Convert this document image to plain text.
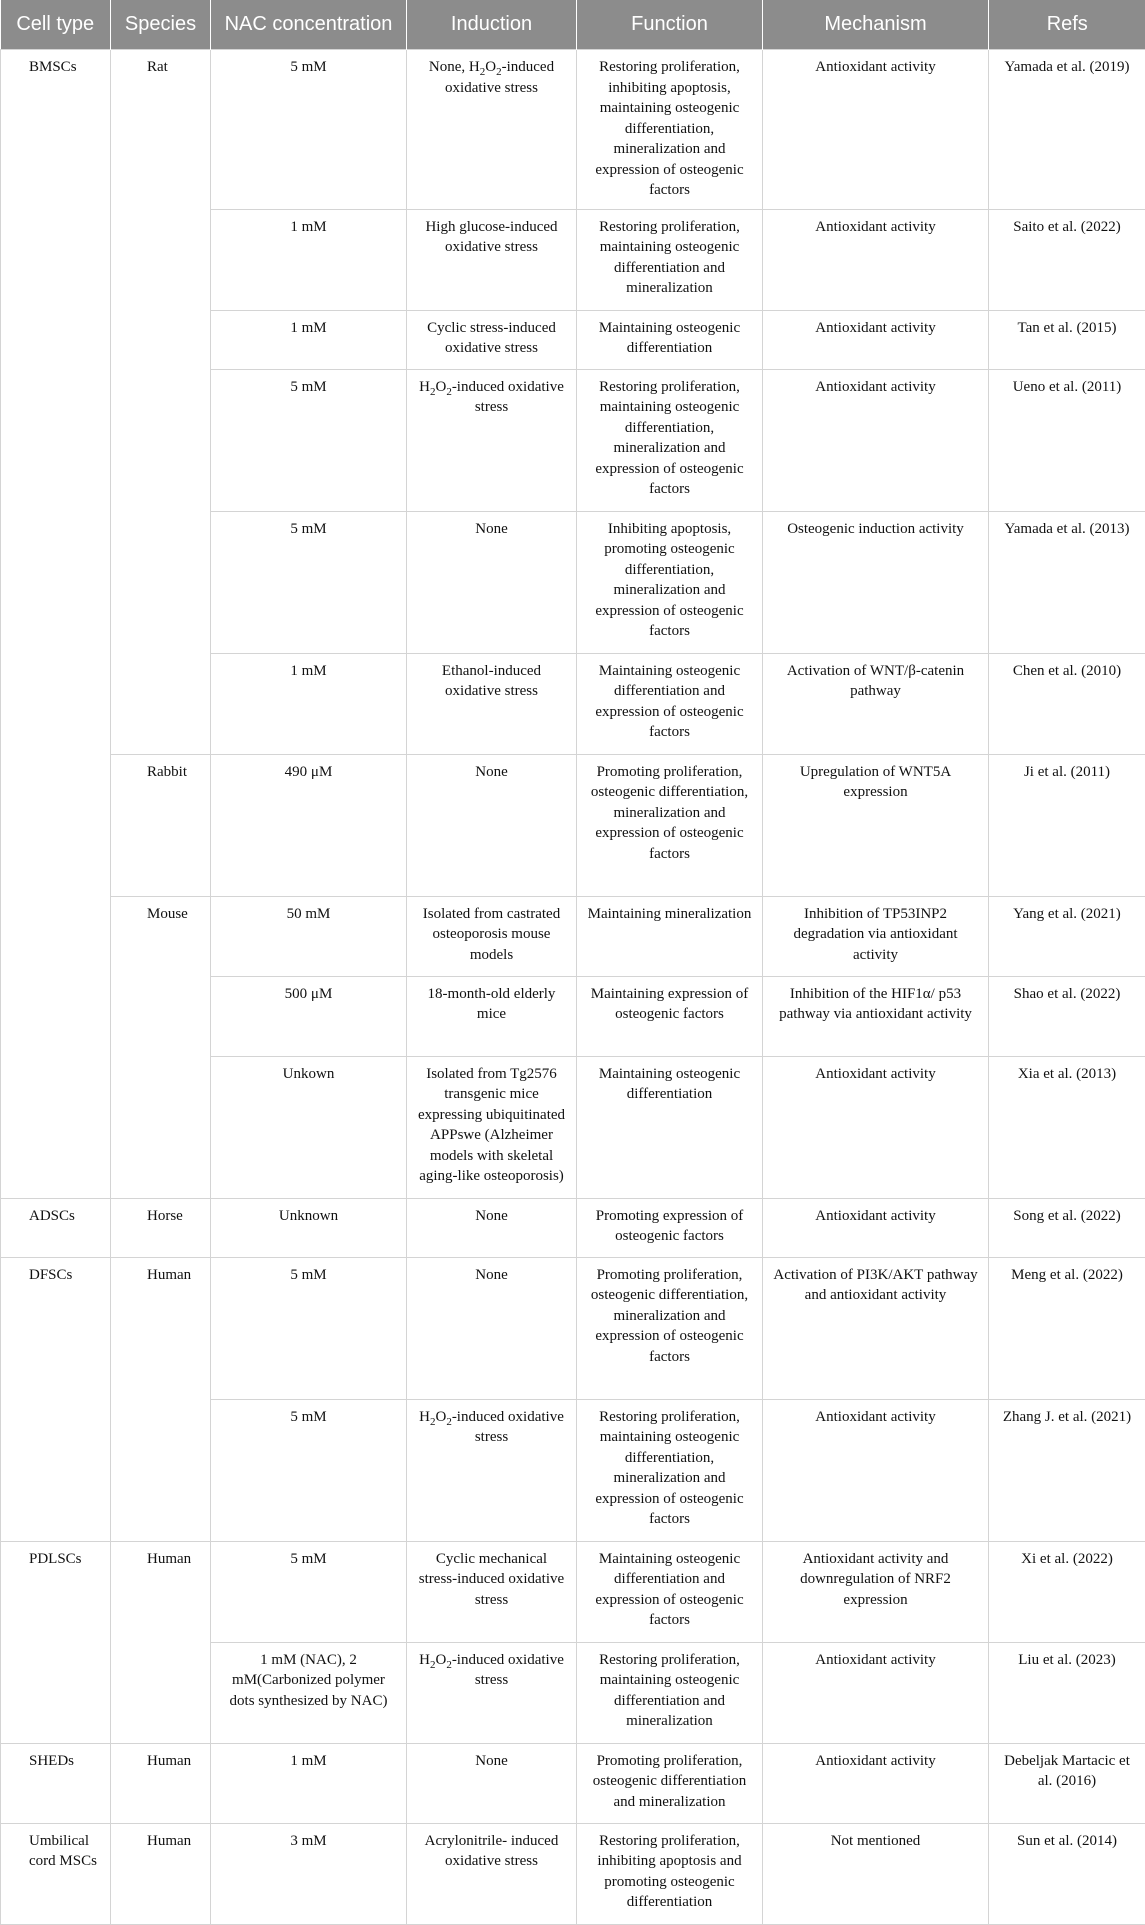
Cell type	Species	NAC concentration	Induction	Function	Mechanism	Refs
BMSCs	Rat	5 mM	None, $H_2O_2$-induced oxidative stress	Restoring proliferation, inhibiting apoptosis, maintaining osteogenic differentiation, mineralization and expression of osteogenic factors	Antioxidant activity	Yamada et al. (2019)
		1 mM	High glucose-induced oxidative stress	Restoring proliferation, maintaining osteogenic differentiation and mineralization	Antioxidant activity	Saito et al. (2022)
		1 mM	Cyclic stress-induced oxidative stress	Maintaining osteogenic differentiation	Antioxidant activity	Tan et al. (2015)
		5 mM	$H_2O_2$-induced oxidative stress	Restoring proliferation, maintaining osteogenic differentiation, mineralization and expression of osteogenic factors	Antioxidant activity	Ueno et al. (2011)
		5 mM	None	Inhibiting apoptosis, promoting osteogenic differentiation, mineralization and expression of osteogenic factors	Osteogenic induction activity	Yamada et al. (2013)
		1 mM	Ethanol-induced oxidative stress	Maintaining osteogenic differentiation and expression of osteogenic factors	Activation of WNT/β-catenin pathway	Chen et al. (2010)
	Rabbit	490 μM	None	Promoting proliferation, osteogenic differentiation, mineralization and expression of osteogenic factors	Upregulation of WNT5A expression	Ji et al. (2011)
	Mouse	50 mM	Isolated from castrated osteoporosis mouse models	Maintaining mineralization	Inhibition of TP53INP2 degradation via antioxidant activity	Yang et al. (2021)
		500 μM	18-month-old elderly mice	Maintaining expression of osteogenic factors	Inhibition of the HIF1α/ p53 pathway via antioxidant activity	Shao et al. (2022)
		Unkown	Isolated from Tg2576 transgenic mice expressing ubiquitinated APPswe (Alzheimer models with skeletal aging-like osteoporosis)	Maintaining osteogenic differentiation	Antioxidant activity	Xia et al. (2013)
ADSCs	Horse	Unknown	None	Promoting expression of osteogenic factors	Antioxidant activity	Song et al. (2022)
DFSCs	Human	5 mM	None	Promoting proliferation, osteogenic differentiation, mineralization and expression of osteogenic factors	Activation of PI3K/AKT pathway and antioxidant activity	Meng et al. (2022)
		5 mM	$H_2O_2$-induced oxidative stress	Restoring proliferation, maintaining osteogenic differentiation, mineralization and expression of osteogenic factors	Antioxidant activity	Zhang J. et al. (2021)
PDLSCs	Human	5 mM	Cyclic mechanical stress-induced oxidative stress	Maintaining osteogenic differentiation and expression of osteogenic factors	Antioxidant activity and downregulation of NRF2 expression	Xi et al. (2022)
		1 mM (NAC), 2 mM(Carbonized polymer dots synthesized by NAC)	$H_2O_2$-induced oxidative stress	Restoring proliferation, maintaining osteogenic differentiation and mineralization	Antioxidant activity	Liu et al. (2023)
SHEDs	Human	1 mM	None	Promoting proliferation, osteogenic differentiation and mineralization	Antioxidant activity	Debeljak Martacic et al. (2016)
Umbilical cord MSCs	Human	3 mM	Acrylonitrile- induced oxidative stress	Restoring proliferation, inhibiting apoptosis and promoting osteogenic differentiation	Not mentioned	Sun et al. (2014)
